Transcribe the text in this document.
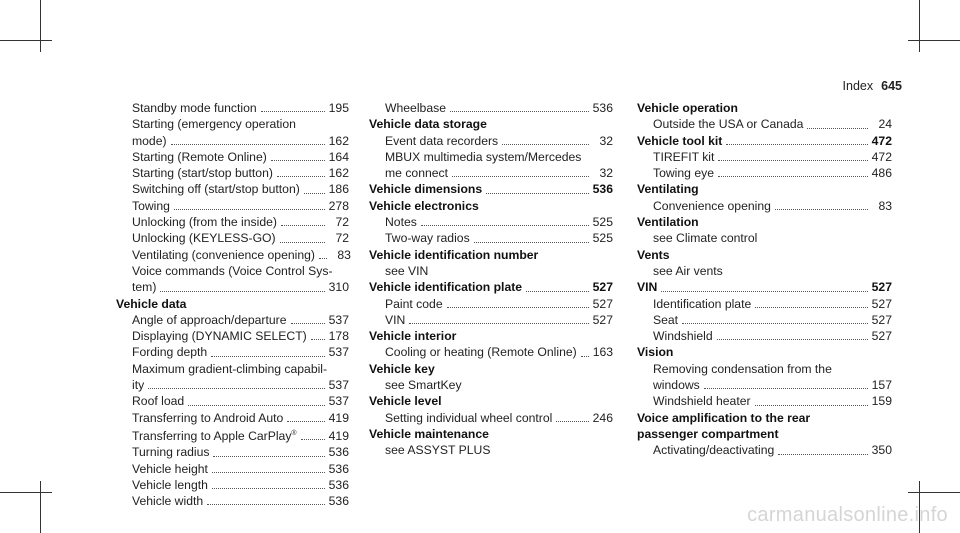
Index 645
Standby mode function	195
Starting (emergency operation
mode)	162
Starting (Remote Online)	164
Starting (start/stop button)	162
Switching off (start/stop button) 186
Towing	278
Unlocking (from the inside)	72
Unlocking (KEYLESS-GO)	72
Ventilating (convenience opening)	83
Voice commands (Voice Control Sys-
tem)	310
Vehicle data
Angle of approach/departure	537
Displaying (DYNAMIC SELECT) 178
Fording depth	537
Maximum gradient-climbing capabil-
ity	537
Roof load	537
Transferring to Android Auto	419
Transferring to Apple CarPlay®	419
Turning radius	536
Vehicle height	536
Vehicle length	536
Vehicle width	536
Wheelbase	536
Vehicle data storage
Event data recorders	32
MBUX multimedia system/Mercedes
me connect	32
Vehicle dimensions	536
Vehicle electronics
Notes	525
Two-way radios	525
Vehicle identification number
see VIN
Vehicle identification plate	527
Paint code	527
VIN	527
Vehicle interior
Cooling or heating (Remote Online) 163
Vehicle key
see SmartKey
Vehicle level
Setting individual wheel control	246
Vehicle maintenance
see ASSYST PLUS
Vehicle operation
Outside the USA or Canada	24
Vehicle tool kit	472
TIREFIT kit	472
Towing eye	486
Ventilating
Convenience opening	83
Ventilation
see Climate control
Vents
see Air vents
VIN	527
Identification plate	527
Seat	527
Windshield	527
Vision
Removing condensation from the
windows	157
Windshield heater	159
Voice amplification to the rear
passenger compartment
Activating/deactivating	350
carmanualsonline.info
